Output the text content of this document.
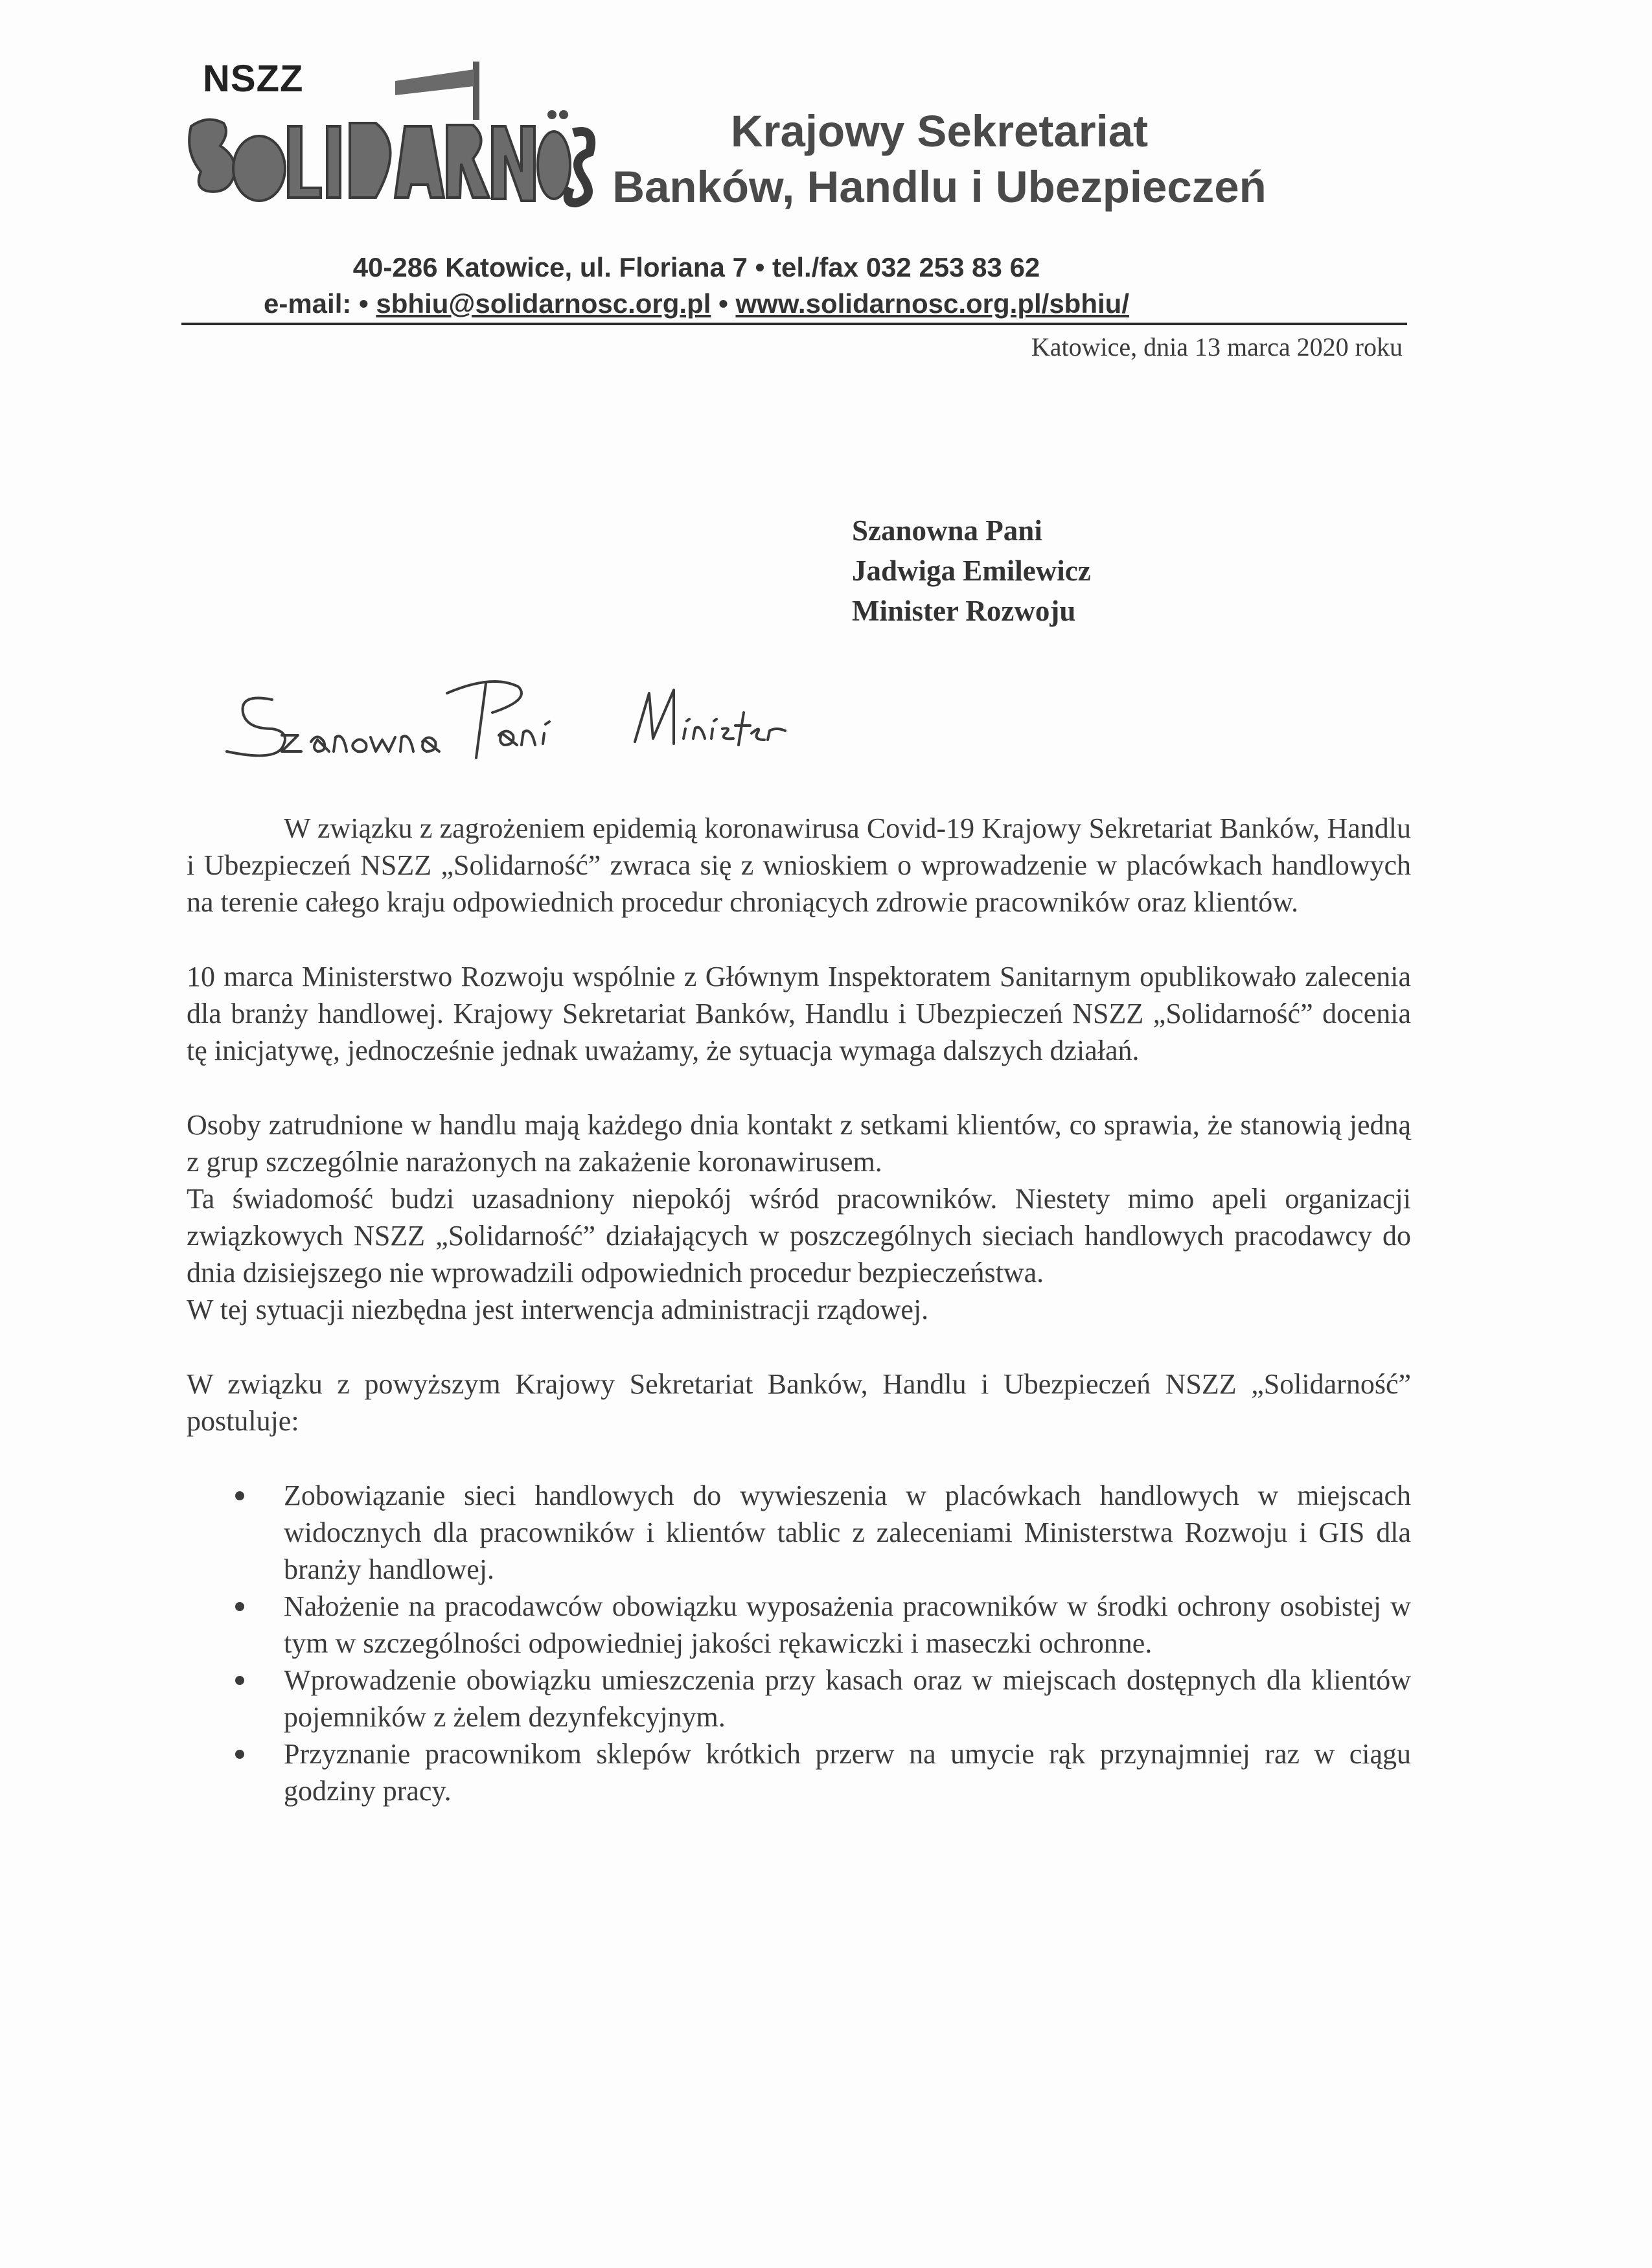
NSZZ
Krajowy Sekretariat
Banków, Handlu i Ubezpieczeń
40-286 Katowice, ul. Floriana 7 • tel./fax 032 253 83 62
e-mail: • sbhiu@solidarnosc.org.pl • www.solidarnosc.org.pl/sbhiu/
Katowice, dnia 13 marca 2020 roku
Szanowna Pani
Jadwiga Emilewicz
Minister Rozwoju

W związku z zagrożeniem epidemią koronawirusa Covid-19 Krajowy Sekretariat Banków, Handlu i Ubezpieczeń NSZZ „Solidarność” zwraca się z wnioskiem o wprowadzenie w placówkach handlowych na terenie całego kraju odpowiednich procedur chroniących zdrowie pracowników oraz klientów.

10 marca Ministerstwo Rozwoju wspólnie z Głównym Inspektoratem Sanitarnym opublikowało zalecenia dla branży handlowej. Krajowy Sekretariat Banków, Handlu i Ubezpieczeń NSZZ „Solidarność” docenia tę inicjatywę, jednocześnie jednak uważamy, że sytuacja wymaga dalszych działań.

Osoby zatrudnione w handlu mają każdego dnia kontakt z setkami klientów, co sprawia, że stanowią jedną z grup szczególnie narażonych na zakażenie koronawirusem.

Ta świadomość budzi uzasadniony niepokój wśród pracowników. Niestety mimo apeli organizacji związkowych NSZZ „Solidarność” działających w poszczególnych sieciach handlowych pracodawcy do dnia dzisiejszego nie wprowadzili odpowiednich procedur bezpieczeństwa.

W tej sytuacji niezbędna jest interwencja administracji rządowej.

W związku z powyższym Krajowy Sekretariat Banków, Handlu i Ubezpieczeń NSZZ „Solidarność” postuluje:

Zobowiązanie sieci handlowych do wywieszenia w placówkach handlowych w miejscach widocznych dla pracowników i klientów tablic z zaleceniami Ministerstwa Rozwoju i GIS dla branży handlowej.
Nałożenie na pracodawców obowiązku wyposażenia pracowników w środki ochrony osobistej w tym w szczególności odpowiedniej jakości rękawiczki i maseczki ochronne.
Wprowadzenie obowiązku umieszczenia przy kasach oraz w miejscach dostępnych dla klientów pojemników z żelem dezynfekcyjnym.
Przyznanie pracownikom sklepów krótkich przerw na umycie rąk przynajmniej raz w ciągu godziny pracy.
